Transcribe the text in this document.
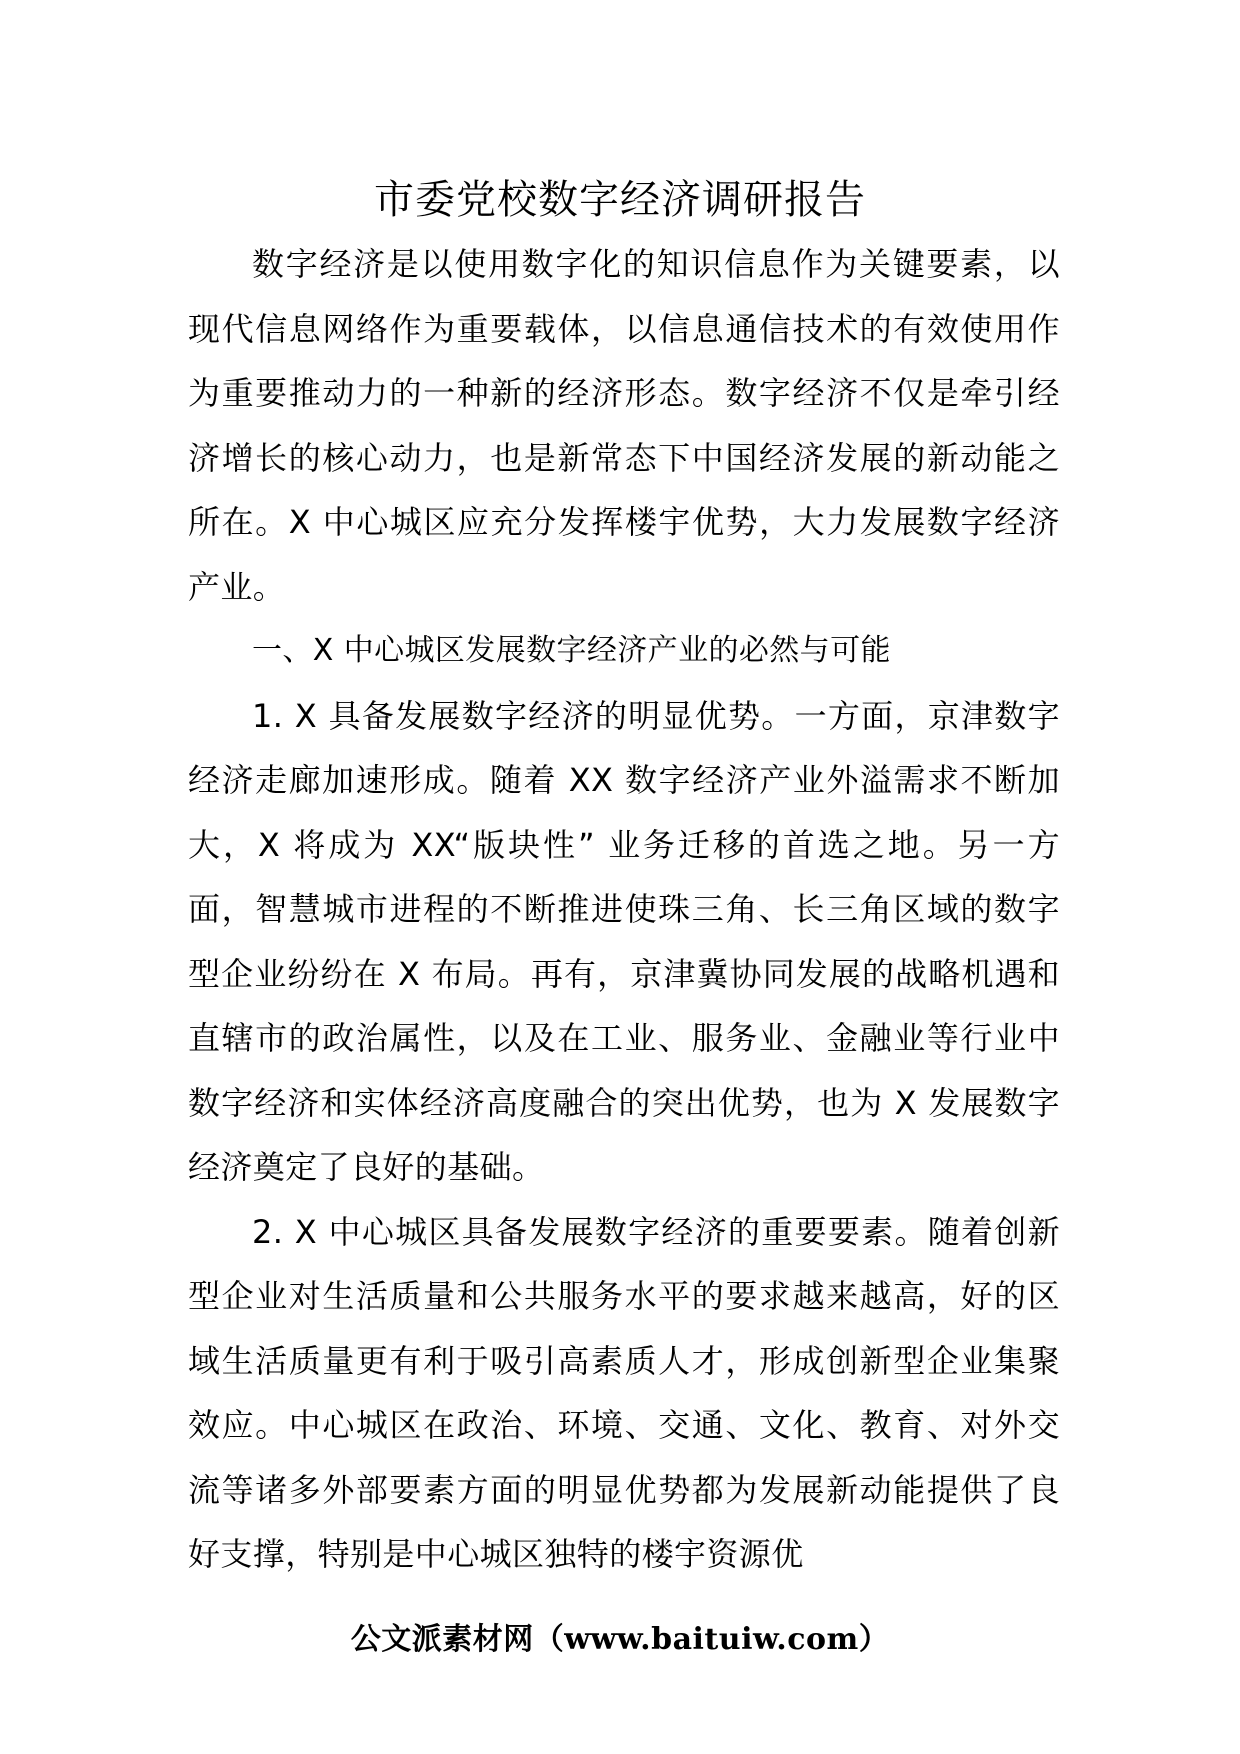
市委党校数字经济调研报告

数字经济是以使用数字化的知识信息作为关键要素，以现代信息网络作为重要载体，以信息通信技术的有效使用作为重要推动力的一种新的经济形态。数字经济不仅是牵引经济增长的核心动力，也是新常态下中国经济发展的新动能之所在。X 中心城区应充分发挥楼宇优势，大力发展数字经济产业。

一、X 中心城区发展数字经济产业的必然与可能

1. X 具备发展数字经济的明显优势。一方面，京津数字经济走廊加速形成。随着 XX 数字经济产业外溢需求不断加大，X 将成为 XX“版块性” 业务迁移的首选之地。另一方面，智慧城市进程的不断推进使珠三角、长三角区域的数字型企业纷纷在 X 布局。再有，京津冀协同发展的战略机遇和直辖市的政治属性，以及在工业、服务业、金融业等行业中数字经济和实体经济高度融合的突出优势，也为 X 发展数字经济奠定了良好的基础。

2. X 中心城区具备发展数字经济的重要要素。随着创新型企业对生活质量和公共服务水平的要求越来越高，好的区域生活质量更有利于吸引高素质人才，形成创新型企业集聚效应。中心城区在政治、环境、交通、文化、教育、对外交流等诸多外部要素方面的明显优势都为发展新动能提供了良好支撑，特别是中心城区独特的楼宇资源优

公文派素材网（www.baituiw.com）
